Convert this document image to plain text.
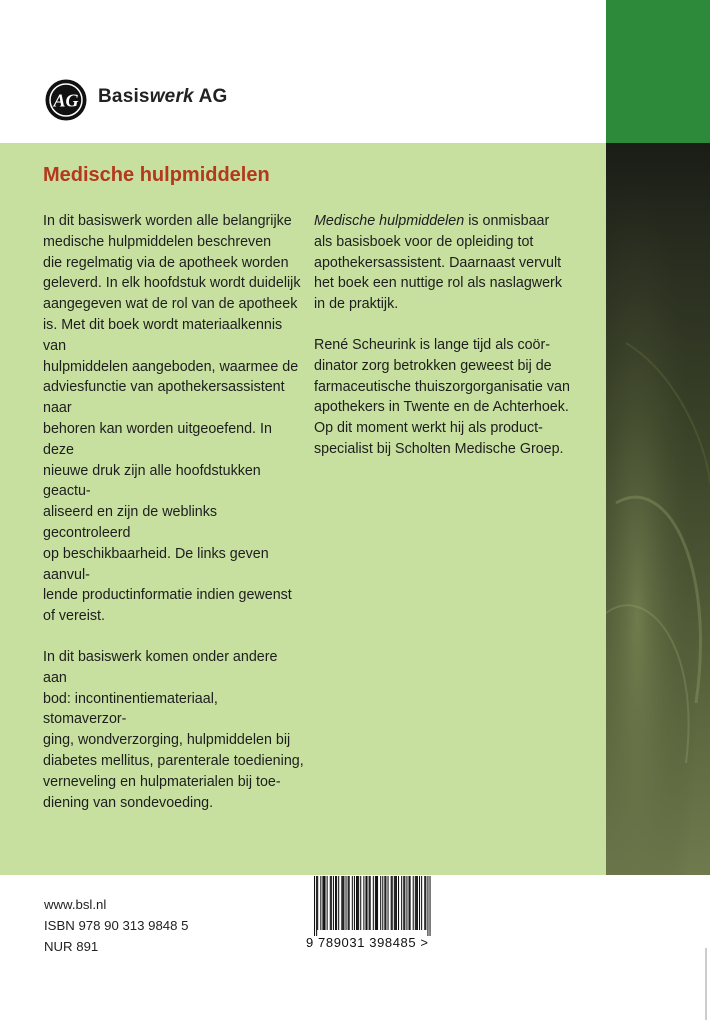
AG Basiswerk AG
Medische hulpmiddelen

In dit basiswerk worden alle belangrijke
medische hulpmiddelen beschreven
die regelmatig via de apotheek worden
geleverd. In elk hoofdstuk wordt duidelijk
aangegeven wat de rol van de apotheek
is. Met dit boek wordt materiaalkennis van
hulpmiddelen aangeboden, waarmee de
adviesfunctie van apothekersassistent naar
behoren kan worden uitgeoefend. In deze
nieuwe druk zijn alle hoofdstukken geactu-
aliseerd en zijn de weblinks gecontroleerd
op beschikbaarheid. De links geven aanvul-
lende productinformatie indien gewenst
of vereist.

In dit basiswerk komen onder andere aan
bod: incontinentiemateriaal, stomaverzor-
ging, wondverzorging, hulpmiddelen bij
diabetes mellitus, parenterale toediening,
verneveling en hulpmaterialen bij toe-
diening van sondevoeding.

Medische hulpmiddelen is onmisbaar
als basisboek voor de opleiding tot
apothekersassistent. Daarnaast vervult
het boek een nuttige rol als naslagwerk
in de praktijk.

René Scheurink is lange tijd als coör-
dinator zorg betrokken geweest bij de
farmaceutische thuiszorgorganisatie van
apothekers in Twente en de Achterhoek.
Op dit moment werkt hij als product-
specialist bij Scholten Medische Groep.

www.bsl.nl
ISBN 978 90 313 9848 5
NUR 891	9 789031 398485 >
